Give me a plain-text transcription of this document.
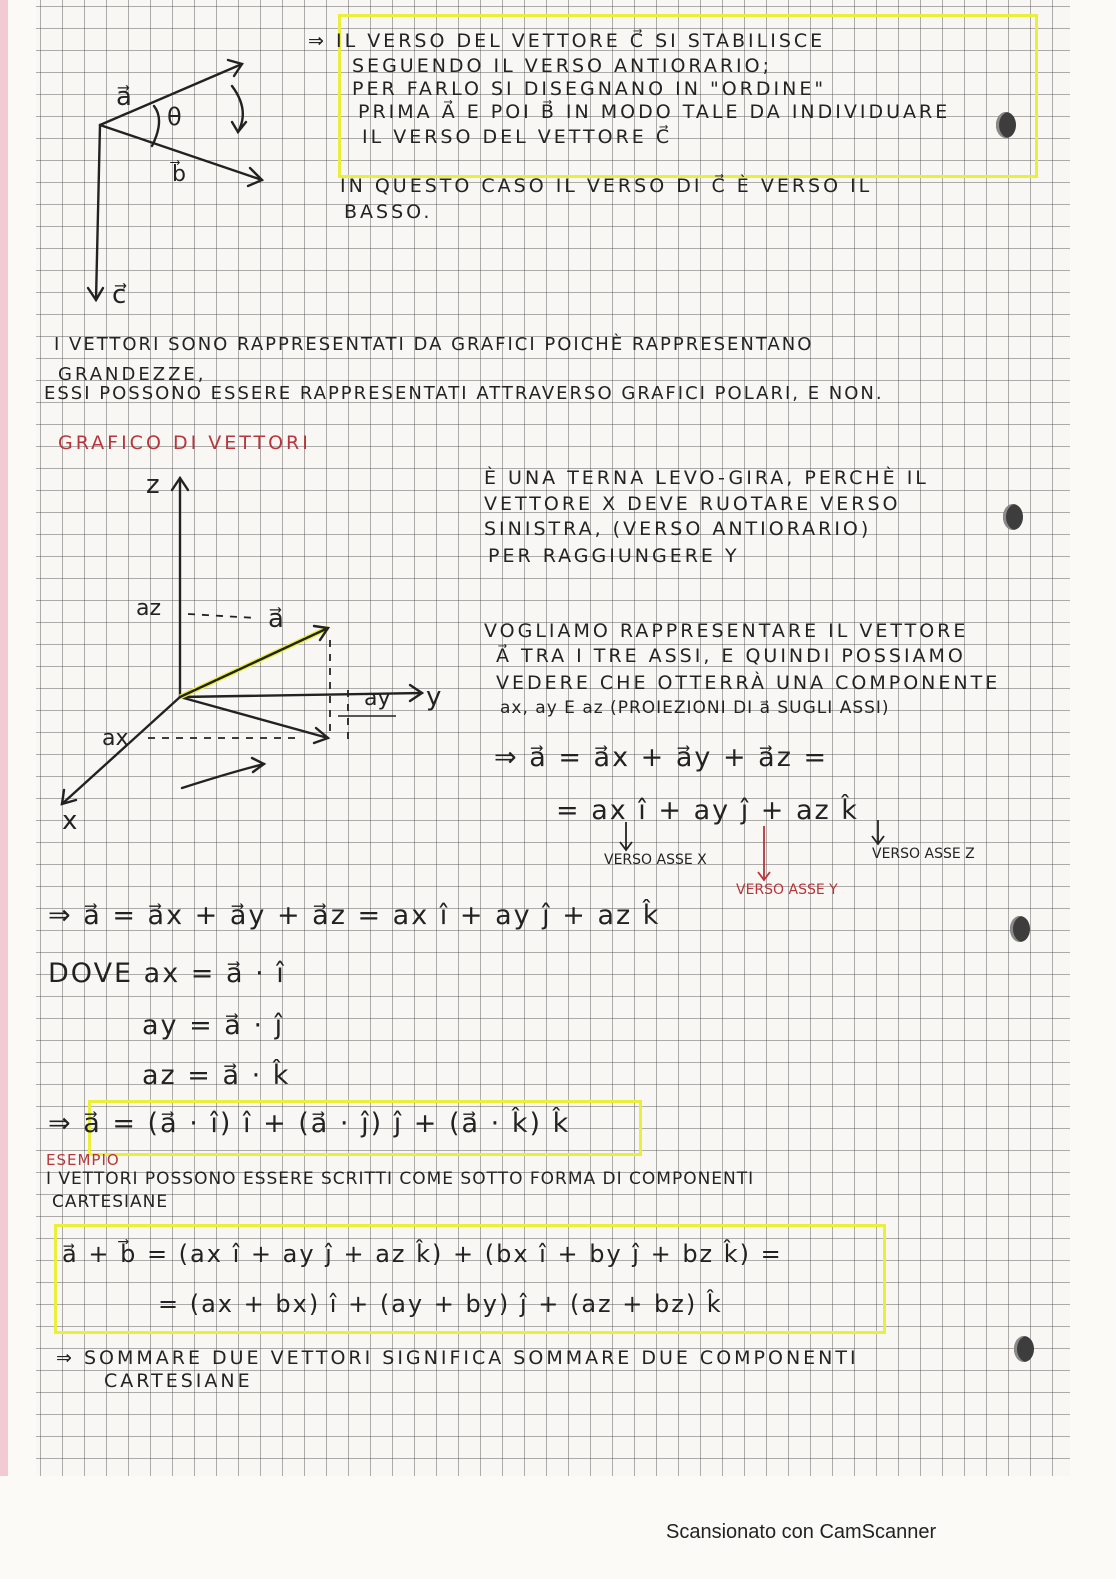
a⃗
θ
b⃗
c⃗
⇒ IL VERSO DEL VETTORE C⃗ SI STABILISCE
SEGUENDO IL VERSO ANTIORARIO;
PER FARLO SI DISEGNANO IN "ORDINE"
PRIMA A⃗ E POI B⃗ IN MODO TALE DA INDIVIDUARE
IL VERSO DEL VETTORE C⃗
IN QUESTO CASO IL VERSO DI C⃗ È VERSO IL
BASSO.
I VETTORI SONO RAPPRESENTATI DA GRAFICI POICHÈ RAPPRESENTANO
GRANDEZZE,
ESSI POSSONO ESSERE RAPPRESENTATI ATTRAVERSO GRAFICI POLARI, E NON.
GRAFICO DI VETTORI
z
y
x
az
ax
ay
a⃗
È UNA TERNA LEVO-GIRA, PERCHÈ IL
VETTORE X DEVE RUOTARE VERSO
SINISTRA, (VERSO ANTIORARIO)
PER RAGGIUNGERE Y
VOGLIAMO RAPPRESENTARE IL VETTORE
A⃗ TRA I TRE ASSI, E QUINDI POSSIAMO
VEDERE CHE OTTERRÀ UNA COMPONENTE
ax, ay E az (PROIEZIONI DI a⃗ SUGLI ASSI)
⇒ a⃗ = a⃗x + a⃗y + a⃗z =
= ax î + ay ĵ + az k̂
VERSO ASSE X
VERSO ASSE Y
VERSO ASSE Z
⇒ a⃗ = a⃗x + a⃗y + a⃗z = ax î + ay ĵ + az k̂
DOVE ax = a⃗ · î
ay = a⃗ · ĵ
az = a⃗ · k̂
⇒ a⃗ = (a⃗ · î) î + (a⃗ · ĵ) ĵ + (a⃗ · k̂) k̂
ESEMPIO
I VETTORI POSSONO ESSERE SCRITTI COME SOTTO FORMA DI COMPONENTI
CARTESIANE
a⃗ + b⃗ = (ax î + ay ĵ + az k̂) + (bx î + by ĵ + bz k̂) =
= (ax + bx) î + (ay + by) ĵ + (az + bz) k̂
⇒ SOMMARE DUE VETTORI SIGNIFICA SOMMARE DUE COMPONENTI
CARTESIANE
Scansionato con CamScanner
